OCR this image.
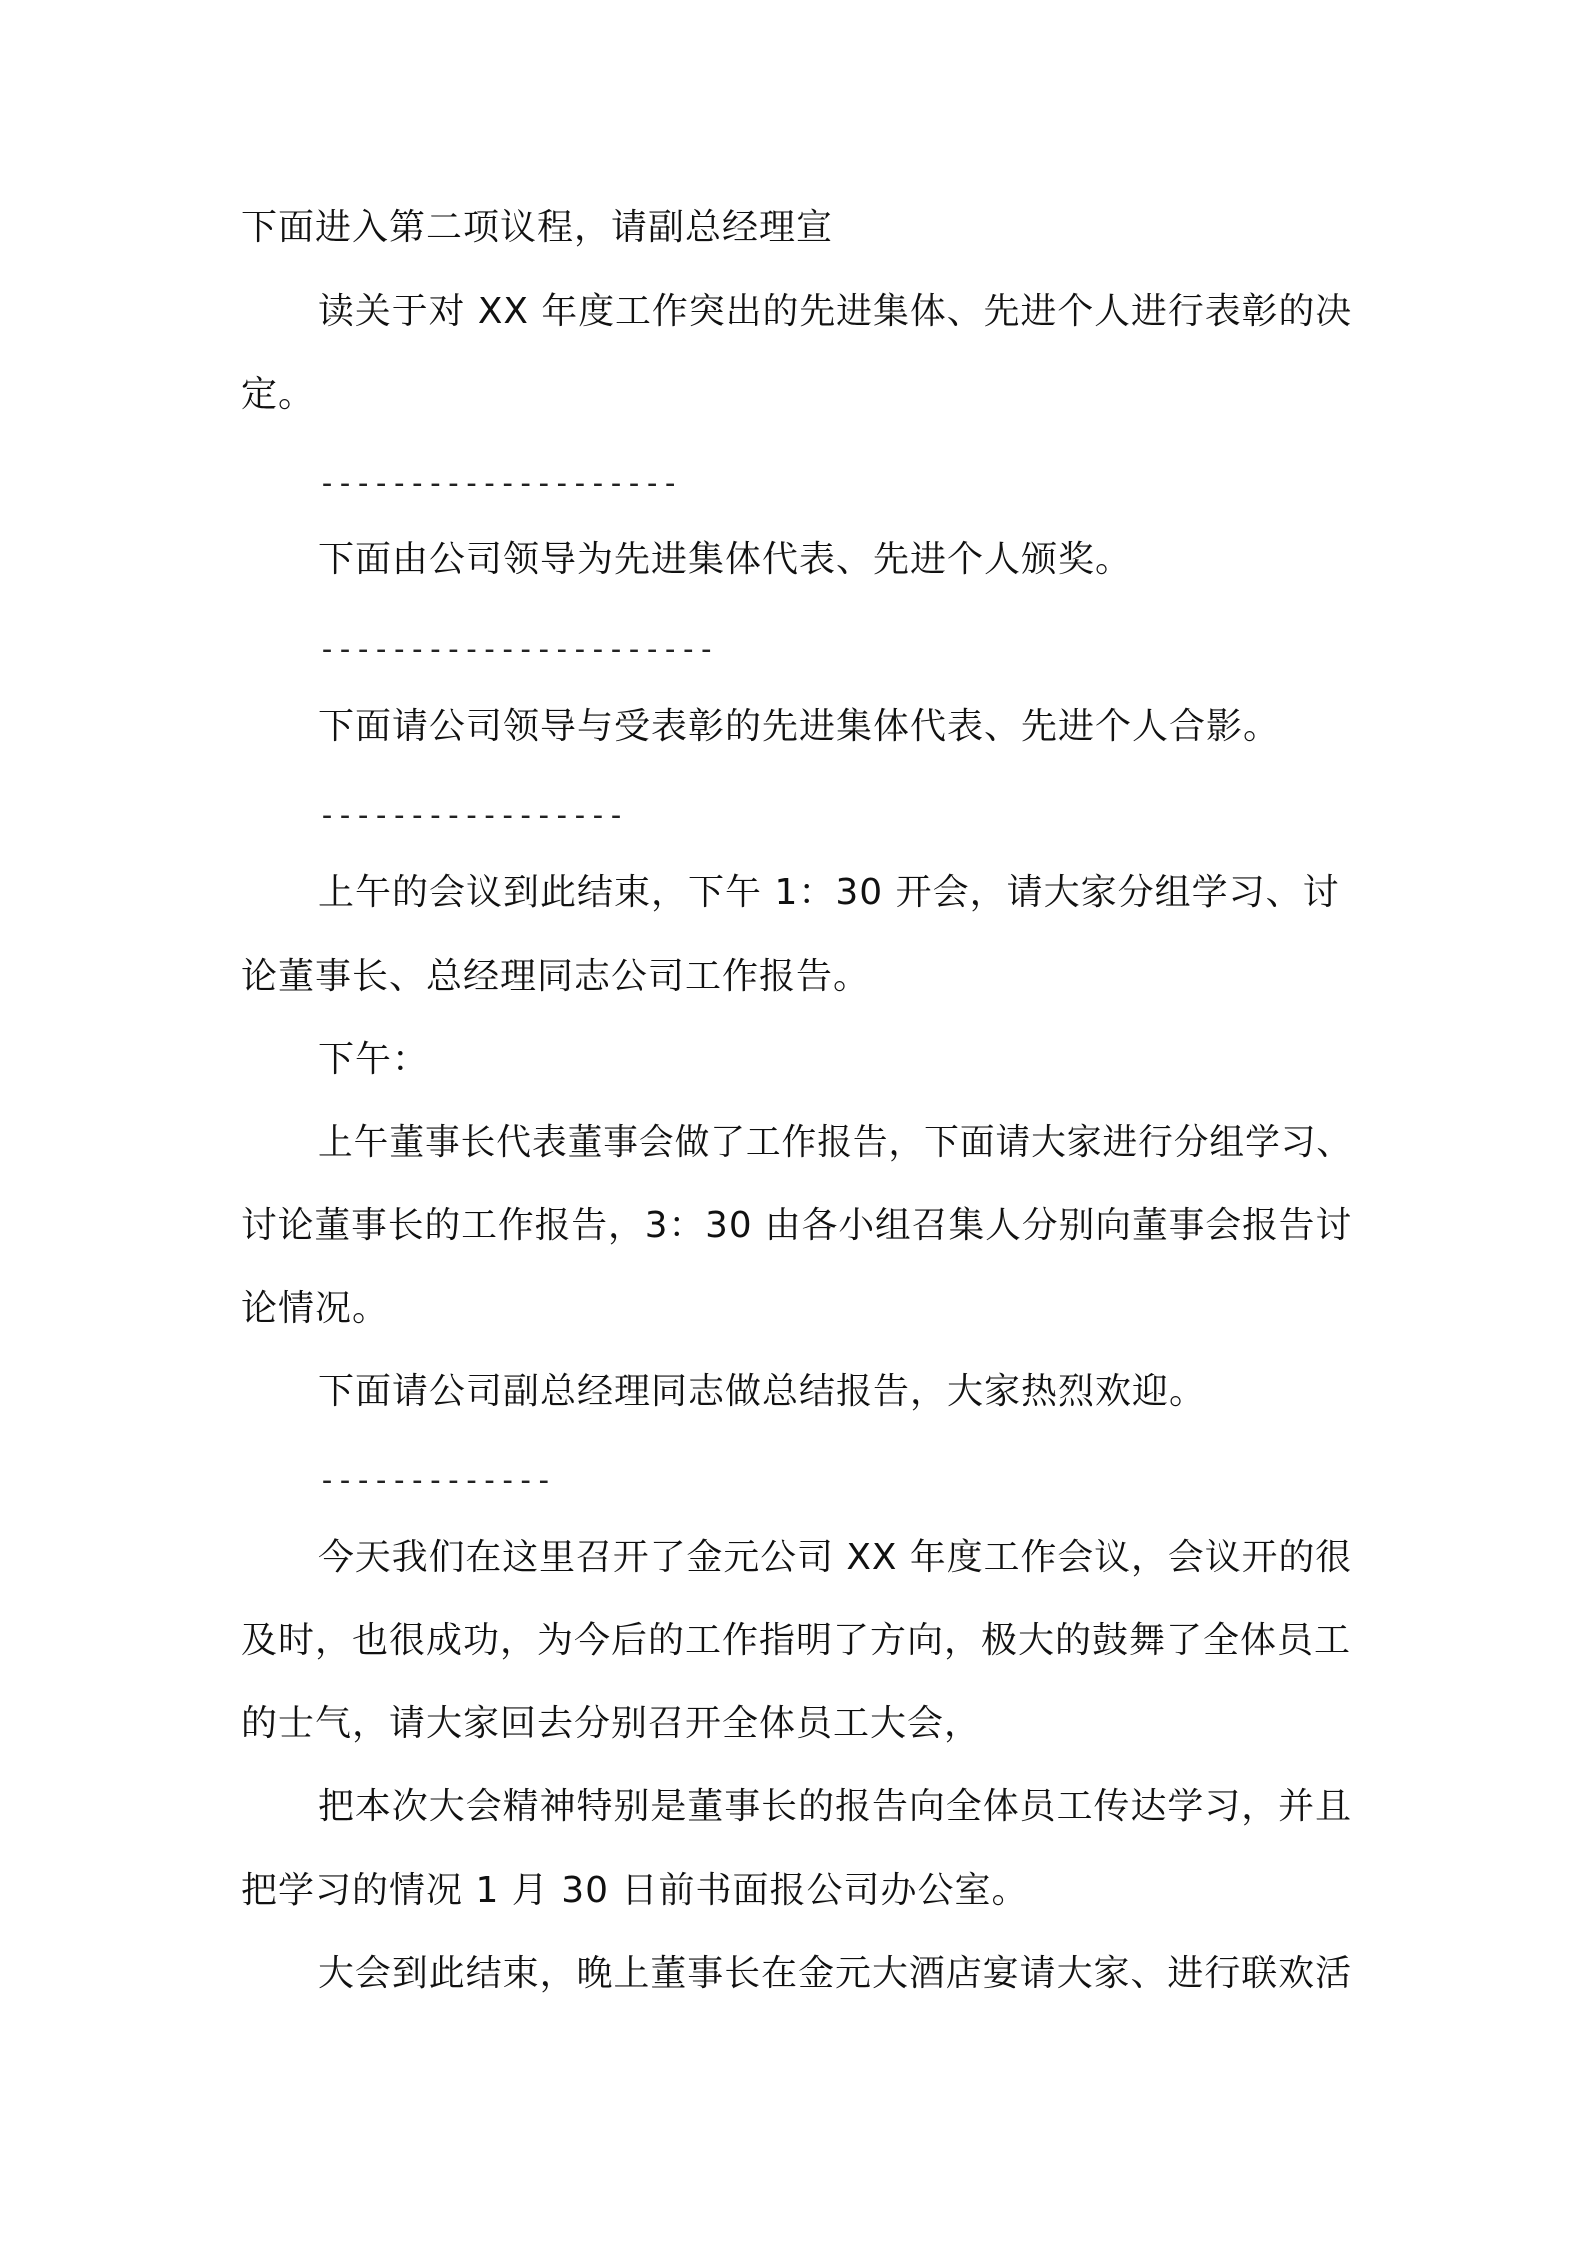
下面进入第二项议程，请副总经理宣
读关于对 XX 年度工作突出的先进集体、先进个人进行表彰的决
定。
--------------------
下面由公司领导为先进集体代表、先进个人颁奖。
----------------------
下面请公司领导与受表彰的先进集体代表、先进个人合影。
-----------------
上午的会议到此结束，下午 1：30 开会，请大家分组学习、讨
论董事长、总经理同志公司工作报告。
下午：
上午董事长代表董事会做了工作报告，下面请大家进行分组学习、
讨论董事长的工作报告，3：30 由各小组召集人分别向董事会报告讨
论情况。
下面请公司副总经理同志做总结报告，大家热烈欢迎。
-------------
今天我们在这里召开了金元公司 XX 年度工作会议，会议开的很
及时，也很成功，为今后的工作指明了方向，极大的鼓舞了全体员工
的士气，请大家回去分别召开全体员工大会，
把本次大会精神特别是董事长的报告向全体员工传达学习，并且
把学习的情况 1 月 30 日前书面报公司办公室。
大会到此结束，晚上董事长在金元大酒店宴请大家、进行联欢活
